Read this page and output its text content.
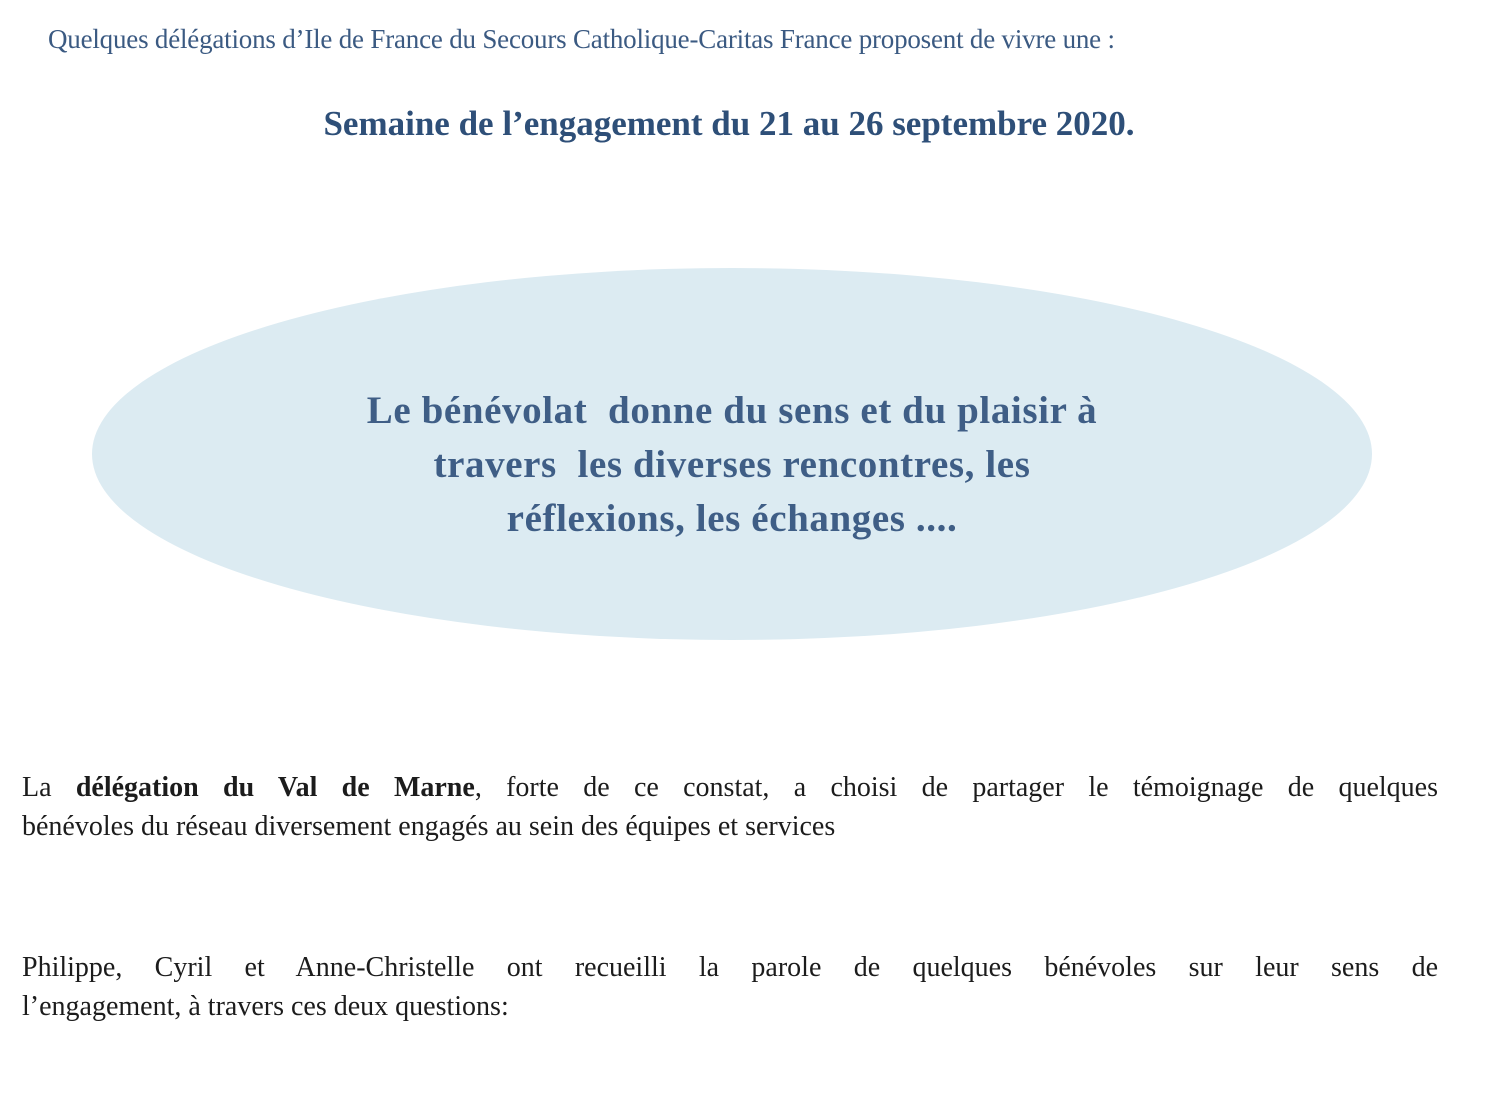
Quelques délégations d’Ile de France du Secours Catholique-Caritas France proposent de vivre une :

Semaine de l’engagement du 21 au 26 septembre 2020.

Le bénévolat  donne du sens et du plaisir à
travers  les diverses rencontres, les
réflexions, les échanges ....

La délégation du Val de Marne, forte de ce constat, a choisi de partager le témoignage de quelques
bénévoles du réseau diversement engagés au sein des équipes et services

Philippe, Cyril et Anne-Christelle ont recueilli la parole de quelques bénévoles sur leur sens de
l’engagement, à travers ces deux questions:
